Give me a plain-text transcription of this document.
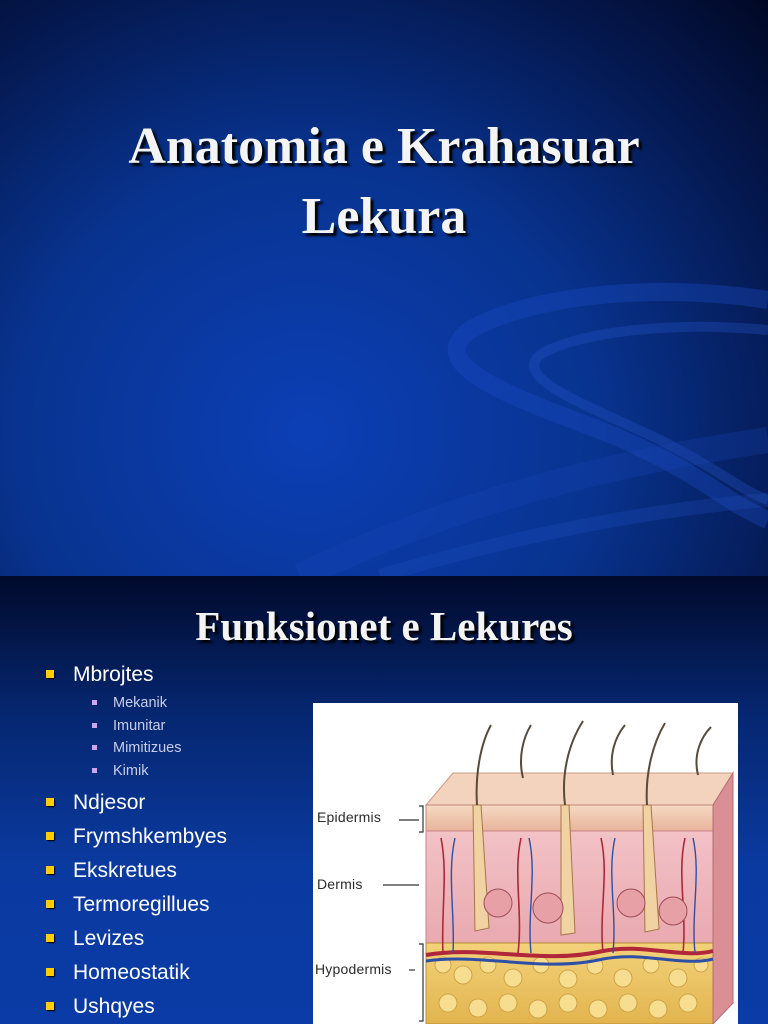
Anatomia e Krahasuar
Lekura
Funksionet e Lekures
Mbrojtes
Mekanik
Imunitar
Mimitizues
Kimik
Ndjesor
Frymshkembyes
Ekskretues
Termoregillues
Levizes
Homeostatik
Ushqyes
Epidermis
Dermis
Hypodermis
